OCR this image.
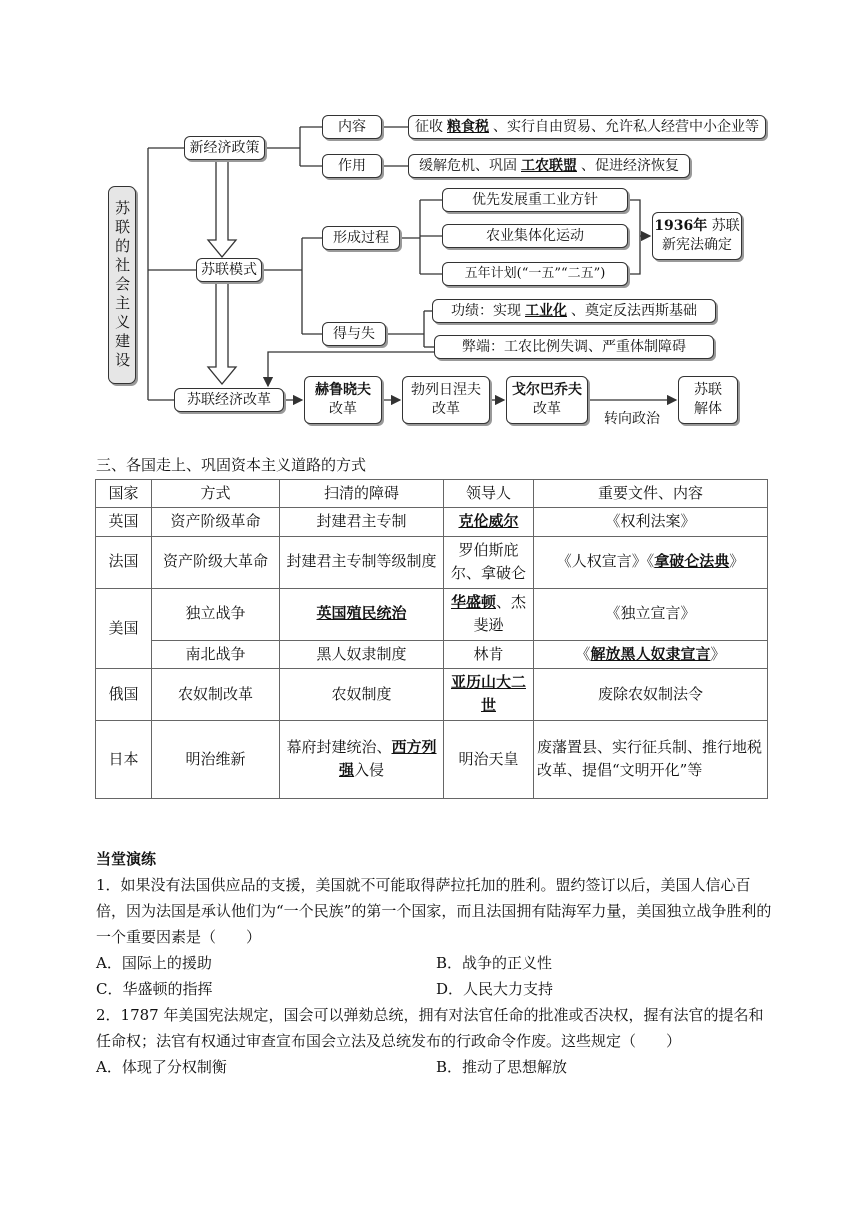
苏联的社会主义建设
新经济政策
内容	征收 粮食税 、实行自由贸易、允许私人经营中小企业等
作用	缓解危机、巩固 工农联盟 、促进经济恢复
苏联模式
形成过程
优先发展重工业方针
农业集体化运动
五年计划(“一五”“二五”)
1936年 苏联
新宪法确定
得与失
功绩：实现 工业化 、奠定反法西斯基础
弊端：工农比例失调、严重体制障碍
苏联经济改革
赫鲁晓夫
改革
勃列日涅夫
改革
戈尔巴乔夫
改革
转向政治
苏联
解体
三、各国走上、巩固资本主义道路的方式
国家	方式	扫清的障碍	领导人	重要文件、内容
英国	资产阶级革命	封建君主专制	克伦威尔	《权利法案》
法国	资产阶级大革命	封建君主专制等级制度	罗伯斯庇尔、拿破仑	《人权宣言》《拿破仑法典》
美国	独立战争	英国殖民统治	华盛顿、杰斐逊	《独立宣言》
	南北战争	黑人奴隶制度	林肯	《解放黑人奴隶宣言》
俄国	农奴制改革	农奴制度	亚历山大二世	废除农奴制法令
日本	明治维新	幕府封建统治、西方列强入侵	明治天皇	废藩置县、实行征兵制、推行地税改革、提倡“文明开化”等
当堂演练
1．如果没有法国供应品的支援，美国就不可能取得萨拉托加的胜利。盟约签订以后，美国人信心百倍，因为法国是承认他们为“一个民族”的第一个国家，而且法国拥有陆海军力量，美国独立战争胜利的一个重要因素是（　　）
A．国际上的援助	B．战争的正义性
C．华盛顿的指挥	D．人民大力支持
2．1787 年美国宪法规定，国会可以弹劾总统，拥有对法官任命的批准或否决权，握有法官的提名和任命权；法官有权通过审查宣布国会立法及总统发布的行政命令作废。这些规定（　　）
A．体现了分权制衡	B．推动了思想解放
